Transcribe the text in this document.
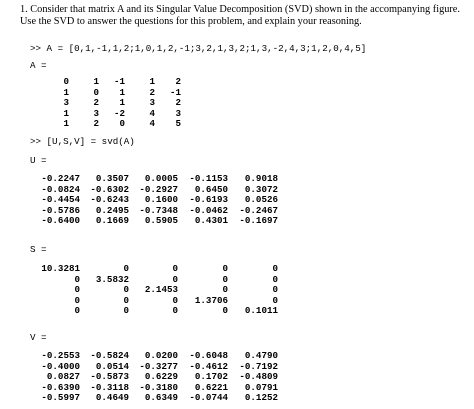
1. Consider that matrix A and its Singular Value Decomposition (SVD) shown in the accompanying figure. Use the SVD to answer the questions for this problem, and explain your reasoning.

>> A = [0,1,-1,1,2;1,0,1,2,-1;3,2,1,3,2;1,3,-2,4,3;1,2,0,4,5]
A =
0	1	-1	1	2
1	0	1	2	-1
3	2	1	3	2
1	3	-2	4	3
1	2	0	4	5
>> [U,S,V] = svd(A)
U =
-0.2247	0.3507	0.0005	-0.1153	0.9018
-0.0824	-0.6302	-0.2927	0.6450	0.3072
-0.4454	-0.6243	0.1600	-0.6193	0.0526
-0.5786	0.2495	-0.7348	-0.0462	-0.2467
-0.6400	0.1669	0.5905	0.4301	-0.1697
S =
10.3281	0	0	0	0
0	3.5832	0	0	0
0	0	2.1453	0	0
0	0	0	1.3706	0
0	0	0	0	0.1011
V =
-0.2553	-0.5824	0.0200	-0.6048	0.4790
-0.4000	0.0514	-0.3277	-0.4612	-0.7192
0.0827	-0.5873	0.6229	0.1702	-0.4809
-0.6390	-0.3118	-0.3180	0.6221	0.0791
-0.5997	0.4649	0.6349	-0.0744	0.1252
